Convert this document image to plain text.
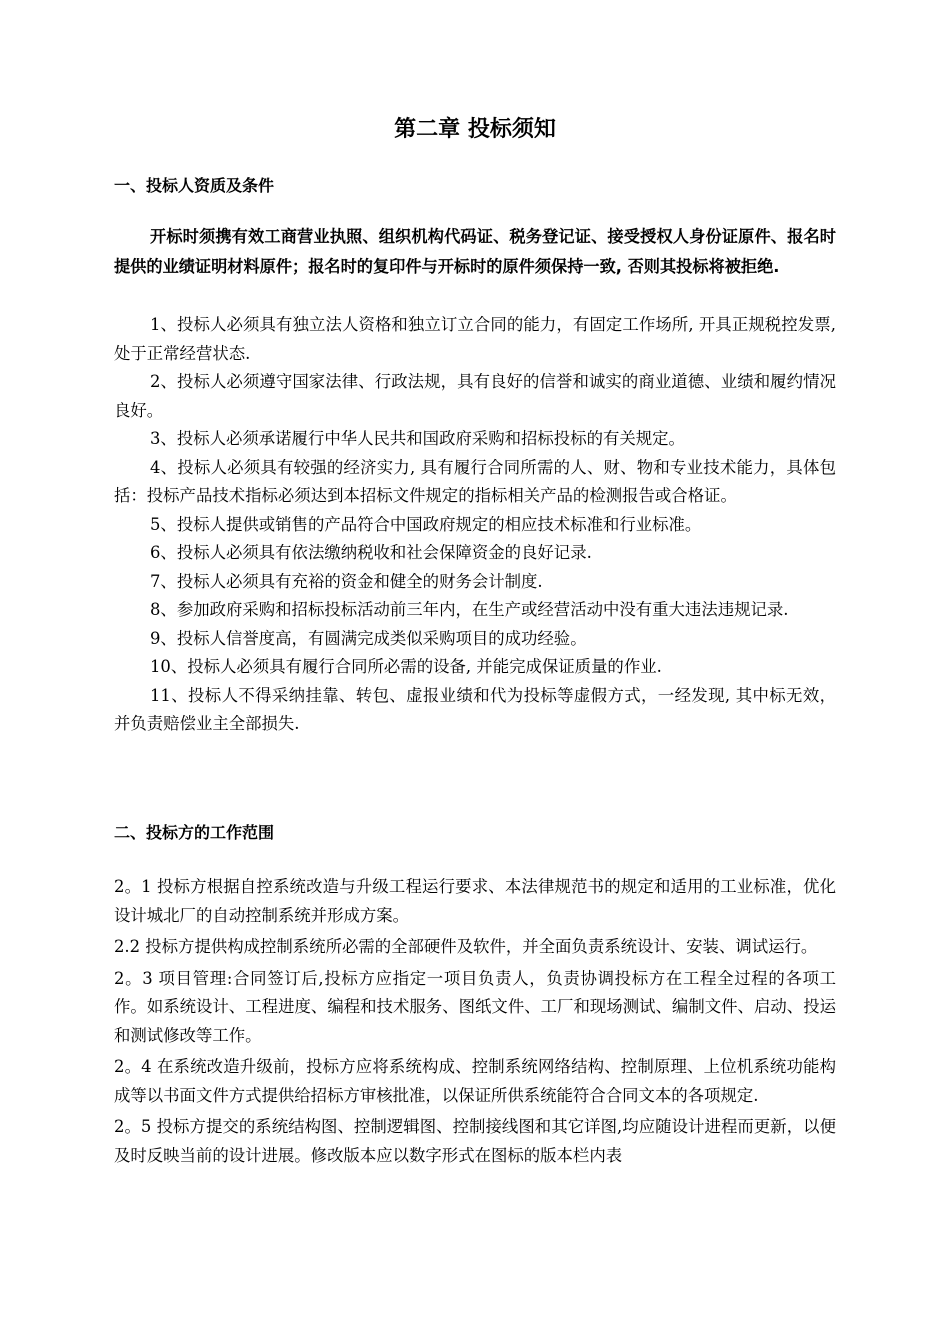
第二章 投标须知
一、投标人资质及条件
开标时须携有效工商营业执照、组织机构代码证、税务登记证、接受授权人身份证原件、报名时提供的业绩证明材料原件；报名时的复印件与开标时的原件须保持一致, 否则其投标将被拒绝.

1、投标人必须具有独立法人资格和独立订立合同的能力，有固定工作场所, 开具正规税控发票, 处于正常经营状态.

2、投标人必须遵守国家法律、行政法规，具有良好的信誉和诚实的商业道德、业绩和履约情况良好。

3、投标人必须承诺履行中华人民共和国政府采购和招标投标的有关规定。

4、投标人必须具有较强的经济实力, 具有履行合同所需的人、财、物和专业技术能力，具体包括：投标产品技术指标必须达到本招标文件规定的指标相关产品的检测报告或合格证。

5、投标人提供或销售的产品符合中国政府规定的相应技术标准和行业标准。

6、投标人必须具有依法缴纳税收和社会保障资金的良好记录.

7、投标人必须具有充裕的资金和健全的财务会计制度.

8、参加政府采购和招标投标活动前三年内，在生产或经营活动中没有重大违法违规记录.

9、投标人信誉度高，有圆满完成类似采购项目的成功经验。

10、投标人必须具有履行合同所必需的设备, 并能完成保证质量的作业.

11、投标人不得采纳挂靠、转包、虚报业绩和代为投标等虚假方式，一经发现, 其中标无效，并负责赔偿业主全部损失.

二、投标方的工作范围

2。1 投标方根据自控系统改造与升级工程运行要求、本法律规范书的规定和适用的工业标准，优化设计城北厂的自动控制系统并形成方案。

2.2 投标方提供构成控制系统所必需的全部硬件及软件，并全面负责系统设计、安装、调试运行。

2。3 项目管理:合同签订后,投标方应指定一项目负责人，负责协调投标方在工程全过程的各项工作。如系统设计、工程进度、编程和技术服务、图纸文件、工厂和现场测试、编制文件、启动、投运和测试修改等工作。

2。4 在系统改造升级前，投标方应将系统构成、控制系统网络结构、控制原理、上位机系统功能构成等以书面文件方式提供给招标方审核批准，以保证所供系统能符合合同文本的各项规定.

2。5 投标方提交的系统结构图、控制逻辑图、控制接线图和其它详图,均应随设计进程而更新，以便及时反映当前的设计进展。修改版本应以数字形式在图标的版本栏内表
